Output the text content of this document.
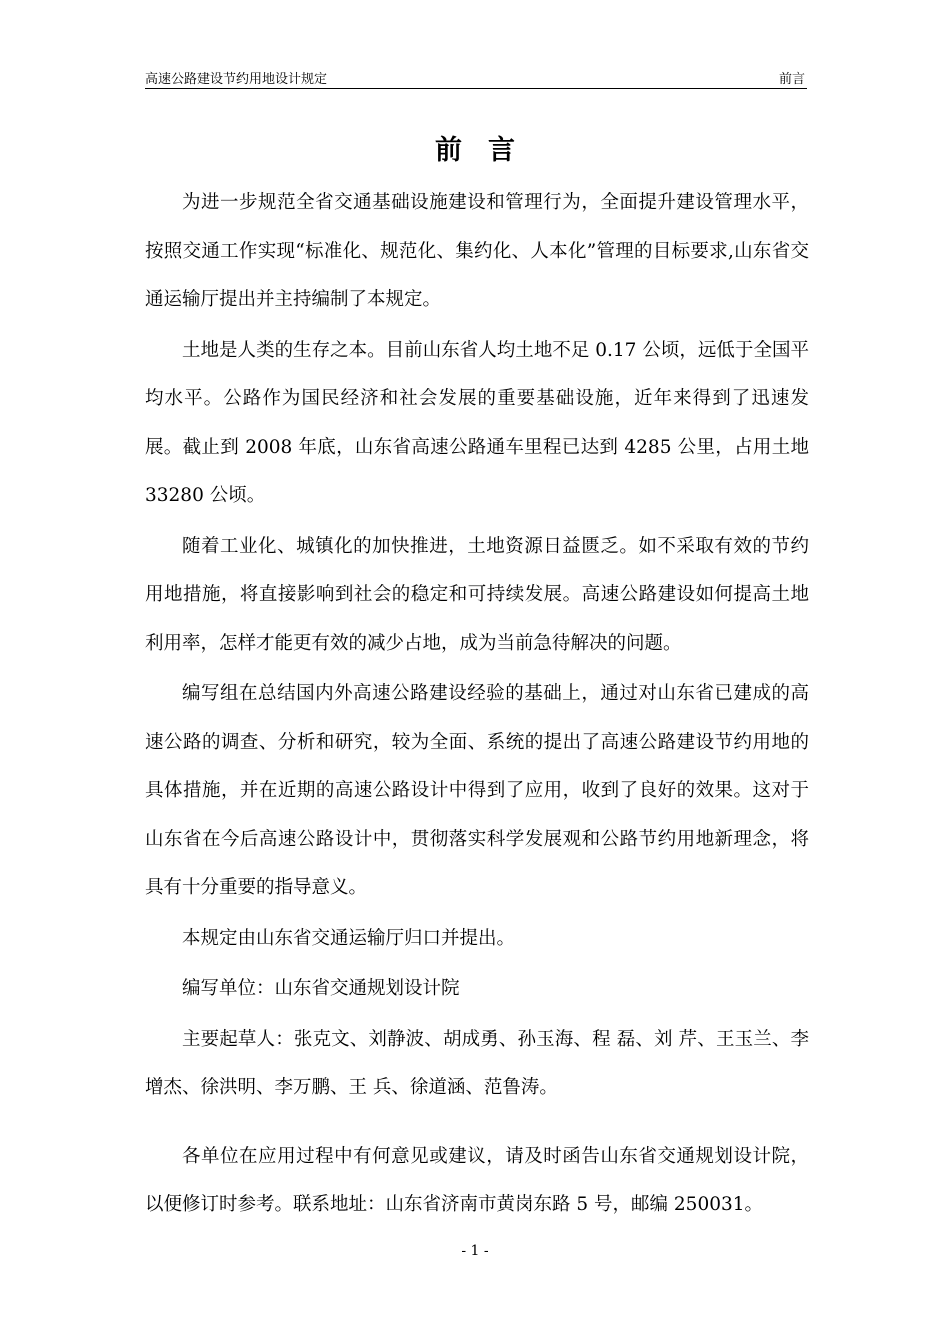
高速公路建设节约用地设计规定	前言
前言

为进一步规范全省交通基础设施建设和管理行为，全面提升建设管理水平，按照交通工作实现“标准化、规范化、集约化、人本化”管理的目标要求,山东省交通运输厅提出并主持编制了本规定。

土地是人类的生存之本。目前山东省人均土地不足 0.17 公顷，远低于全国平均水平。公路作为国民经济和社会发展的重要基础设施，近年来得到了迅速发展。截止到 2008 年底，山东省高速公路通车里程已达到 4285 公里，占用土地 33280 公顷。

随着工业化、城镇化的加快推进，土地资源日益匮乏。如不采取有效的节约用地措施，将直接影响到社会的稳定和可持续发展。高速公路建设如何提高土地利用率，怎样才能更有效的减少占地，成为当前急待解决的问题。

编写组在总结国内外高速公路建设经验的基础上，通过对山东省已建成的高速公路的调查、分析和研究，较为全面、系统的提出了高速公路建设节约用地的具体措施，并在近期的高速公路设计中得到了应用，收到了良好的效果。这对于山东省在今后高速公路设计中，贯彻落实科学发展观和公路节约用地新理念，将具有十分重要的指导意义。

本规定由山东省交通运输厅归口并提出。

编写单位：山东省交通规划设计院

主要起草人：张克文、刘静波、胡成勇、孙玉海、程 磊、刘 芹、王玉兰、李增杰、徐洪明、李万鹏、王 兵、徐道涵、范鲁涛。

各单位在应用过程中有何意见或建议，请及时函告山东省交通规划设计院，以便修订时参考。联系地址：山东省济南市黄岗东路 5 号，邮编 250031。

- 1 -
